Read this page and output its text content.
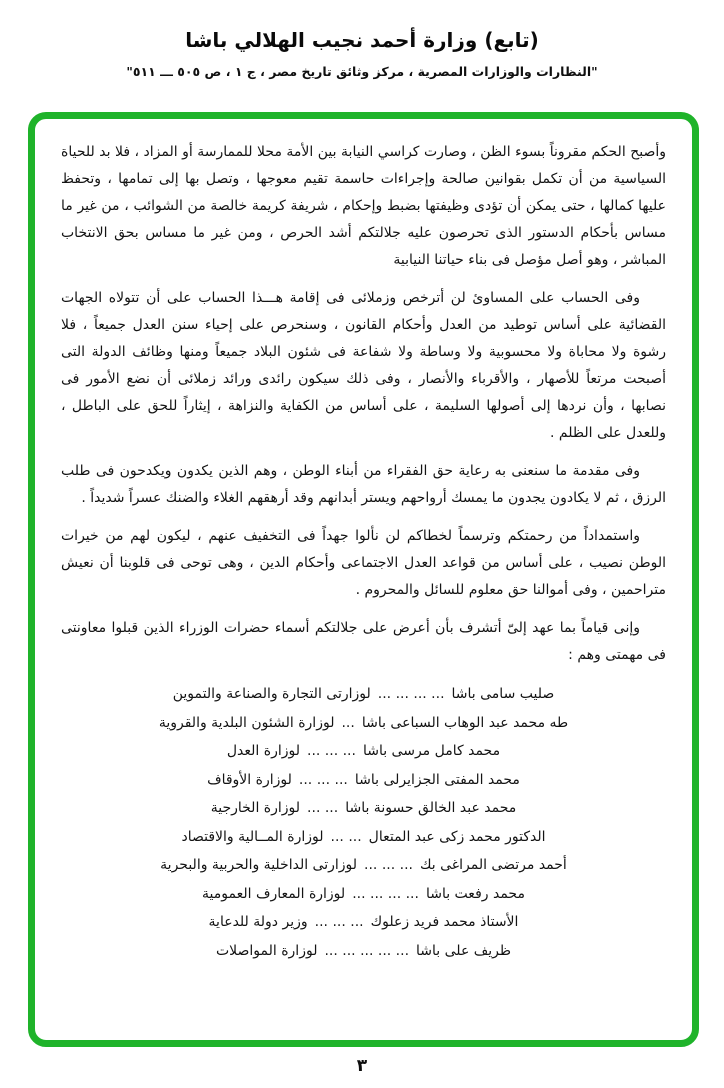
(تابع) وزارة أحمد نجيب الهلالي باشا
"النظارات والوزارات المصرية ، مركز وثائق تاريخ مصر ، ج ١ ، ص ٥٠٥ ـــ ٥١١"

وأصبح الحكم مقروناً بسوء الظن ، وصارت كراسي النيابة بين الأمة محلا للممارسة أو المزاد ، فلا بد للحياة السياسية من أن تكمل بقوانين صالحة وإجراءات حاسمة تقيم معوجها ، وتصل بها إلى تمامها ، وتحفظ عليها كمالها ، حتى يمكن أن تؤدى وظيفتها بضبط وإحكام ، شريفة كريمة خالصة من الشوائب ، من غير ما مساس بأحكام الدستور الذى تحرصون عليه جلالتكم أشد الحرص ، ومن غير ما مساس بحق الانتخاب المباشر ، وهو أصل مؤصل فى بناء حياتنا النيابية

وفى الحساب على المساوئ لن أترخص وزملائى فى إقامة هـــذا الحساب على أن تتولاه الجهات القضائية على أساس توطيد من العدل وأحكام القانون ، وسنحرص على إحياء سنن العدل جميعاً ، فلا رشوة ولا محاباة ولا محسوبية ولا وساطة ولا شفاعة فى شئون البلاد جميعاً ومنها وظائف الدولة التى أصبحت مرتعاً للأصهار ، والأقرباء والأنصار ، وفى ذلك سيكون رائدى ورائد زملائى أن نضع الأمور فى نصابها ، وأن نردها إلى أصولها السليمة ، على أساس من الكفاية والنزاهة ، إيثاراً للحق على الباطل ، وللعدل على الظلم .

وفى مقدمة ما سنعنى به رعاية حق الفقراء من أبناء الوطن ، وهم الذين يكدون ويكدحون فى طلب الرزق ، ثم لا يكادون يجدون ما يمسك أرواحهم ويستر أبدانهم وقد أرهقهم الغلاء والضنك عسراً شديداً .

واستمداداً من رحمتكم وترسماً لخطاكم لن نألوا جهداً فى التخفيف عنهم ، ليكون لهم من خيرات الوطن نصيب ، على أساس من قواعد العدل الاجتماعى وأحكام الدين ، وهى توحى فى قلوبنا أن نعيش متراحمين ، وفى أموالنا حق معلوم للسائل والمحروم .

وإنى قياماً بما عهد إلىّ أتشرف بأن أعرض على جلالتكم أسماء حضرات الوزراء الذين قبلوا معاونتى فى مهمتى وهم :

صليب سامى باشا... ... ... ...لوزارتى التجارة والصناعة والتموين
طه محمد عبد الوهاب السباعى باشا...لوزارة الشئون البلدية والقروية
محمد كامل مرسى باشا... ... ...لوزارة العدل
محمد المفتى الجزايرلى باشا... ... ...لوزارة الأوقاف
محمد عبد الخالق حسونة باشا... ...لوزارة الخارجية
الدكتور محمد زكى عبد المتعال... ...لوزارة المــالية والاقتصاد
أحمد مرتضى المراغى بك... ... ...لوزارتى الداخلية والحربية والبحرية
محمد رفعت باشا... ... ... ...لوزارة المعارف العمومية
الأستاذ محمد فريد زعلوك... ... ...وزير دولة للدعاية
ظريف على باشا... ... ... ... ...لوزارة المواصلات
٣
